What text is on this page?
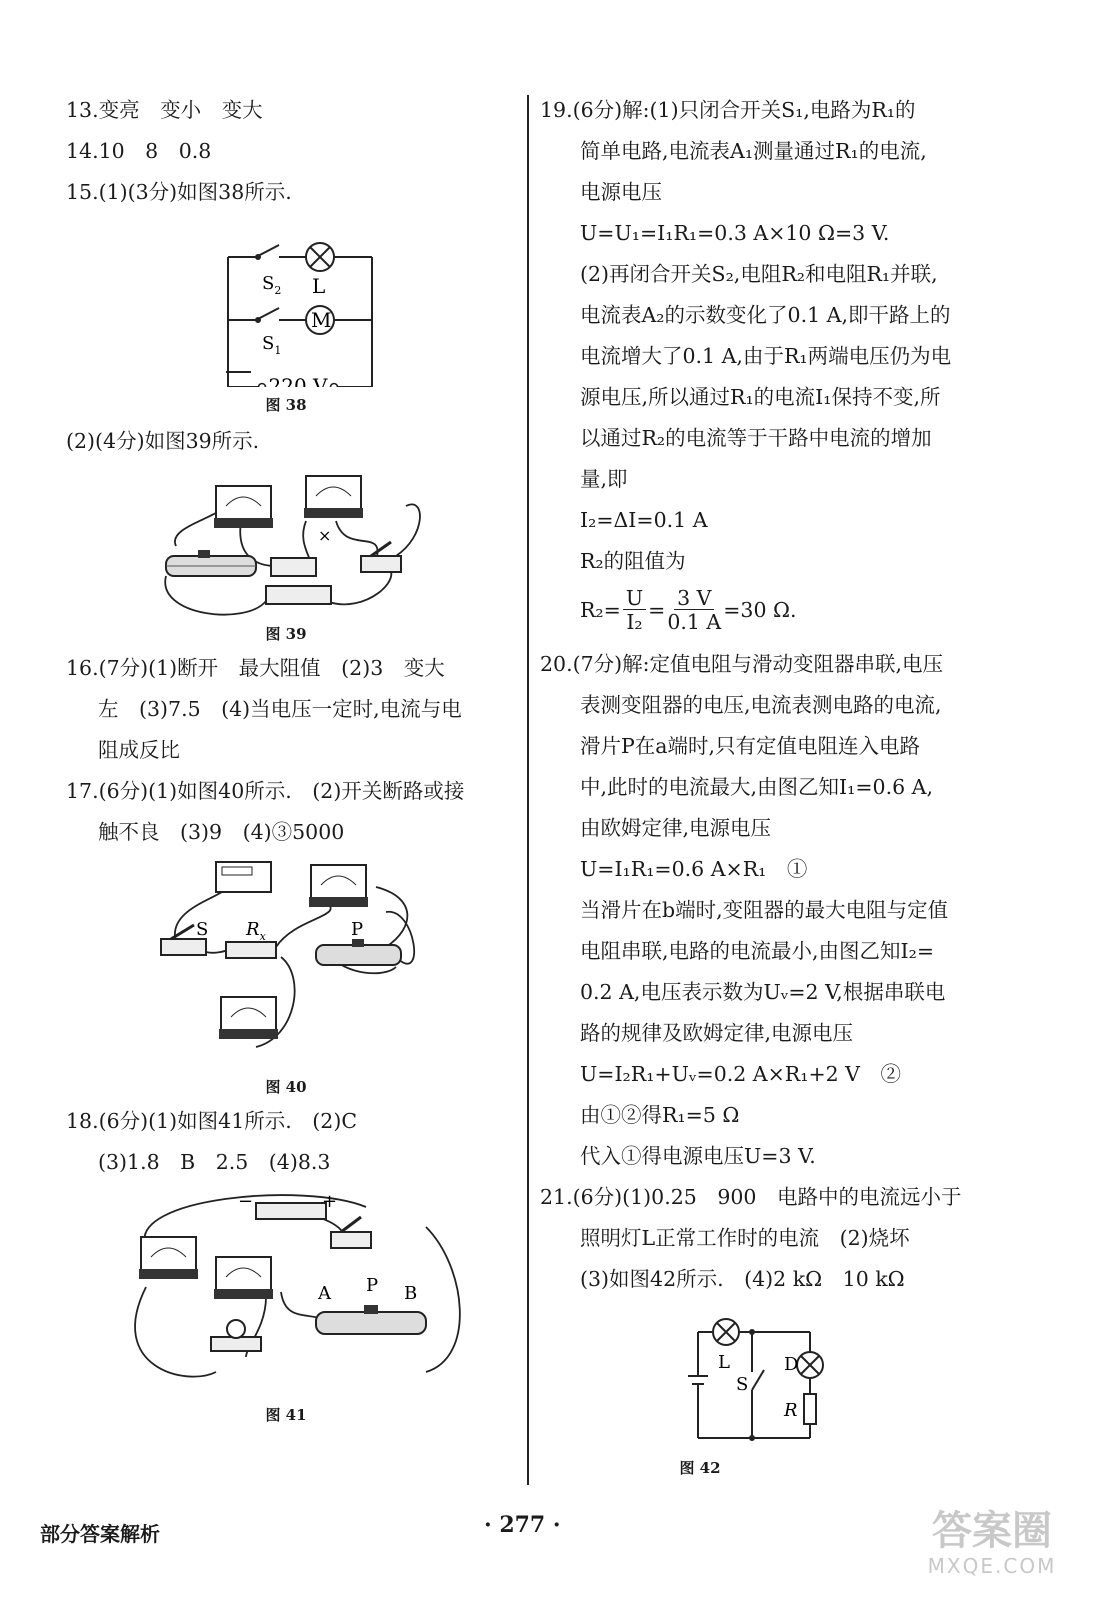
13.变亮　变小　变大
14.10　8　0.8
15.(1)(3分)如图38所示.
$S_2$ L
M
$S_1$
220 V
图 38
(2)(4分)如图39所示.
×
图 39
16.(7分)(1)断开　最大阻值　(2)3　变大
左　(3)7.5　(4)当电压一定时,电流与电
阻成反比
17.(6分)(1)如图40所示.　(2)开关断路或接
触不良　(3)9　(4)③5000
S $R_x$	P
图 40
18.(6分)(1)如图41所示.　(2)C
(3)1.8　B　2.5　(4)8.3
−	+
A P B
图 41
19.(6分)解:(1)只闭合开关S₁,电路为R₁的
简单电路,电流表A₁测量通过R₁的电流,
电源电压
U=U₁=I₁R₁=0.3 A×10 Ω=3 V.
(2)再闭合开关S₂,电阻R₂和电阻R₁并联,
电流表A₂的示数变化了0.1 A,即干路上的
电流增大了0.1 A,由于R₁两端电压仍为电
源电压,所以通过R₁的电流I₁保持不变,所
以通过R₂的电流等于干路中电流的增加
量,即
I₂=ΔI=0.1 A
R₂的阻值为
$R_2= \frac{U}{\text{I₂}} = \frac{3 V}{0.1 A} =30$ Ω.
20.(7分)解:定值电阻与滑动变阻器串联,电压
表测变阻器的电压,电流表测电路的电流,
滑片P在a端时,只有定值电阻连入电路
中,此时的电流最大,由图乙知I₁=0.6 A,
由欧姆定律,电源电压
U=I₁R₁=0.6 A×R₁　①
当滑片在b端时,变阻器的最大电阻与定值
电阻串联,电路的电流最小,由图乙知I₂=
0.2 A,电压表示数为Uᵥ=2 V,根据串联电
路的规律及欧姆定律,电源电压
U=I₂R₁+Uᵥ=0.2 A×R₁+2 V　②
由①②得R₁=5 Ω
代入①得电源电压U=3 V.
21.(6分)(1)0.25　900　电路中的电流远小于
照明灯L正常工作时的电流　(2)烧坏
(3)如图42所示.　(4)2 kΩ　10 kΩ
L
S
D
R
图 42
部分答案解析	· 277 ·	答案圈
MXQE.COM
